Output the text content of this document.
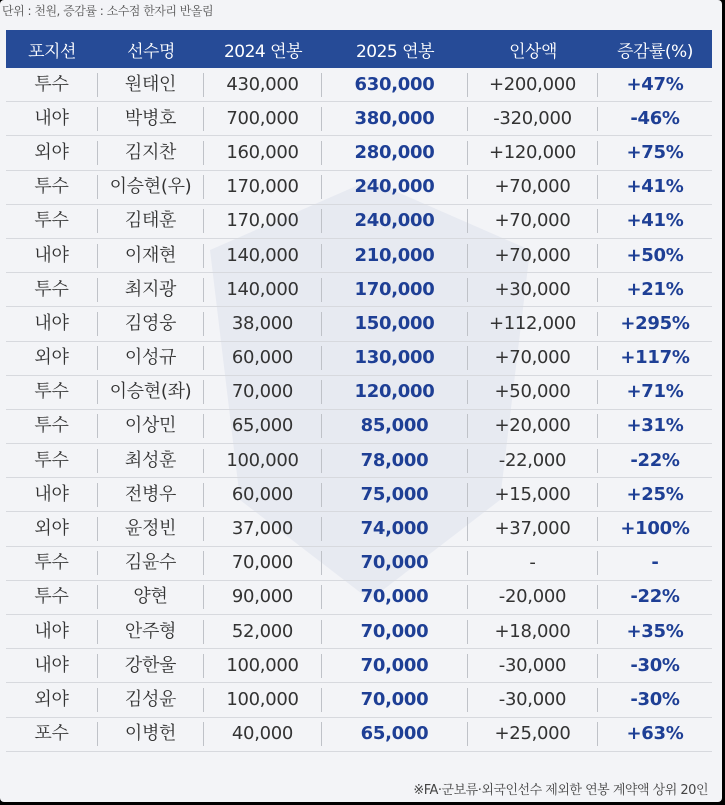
단위 : 천원, 증감률 : 소수점 한자리 반올림
포지션	선수명	2024 연봉	2025 연봉	인상액	증감률(%)
투수	원태인	430,000	630,000	+200,000	+47%
내야	박병호	700,000	380,000	-320,000	-46%
외야	김지찬	160,000	280,000	+120,000	+75%
투수	이승현(우)	170,000	240,000	+70,000	+41%
투수	김태훈	170,000	240,000	+70,000	+41%
내야	이재현	140,000	210,000	+70,000	+50%
투수	최지광	140,000	170,000	+30,000	+21%
내야	김영웅	38,000	150,000	+112,000	+295%
외야	이성규	60,000	130,000	+70,000	+117%
투수	이승현(좌)	70,000	120,000	+50,000	+71%
투수	이상민	65,000	85,000	+20,000	+31%
투수	최성훈	100,000	78,000	-22,000	-22%
내야	전병우	60,000	75,000	+15,000	+25%
외야	윤정빈	37,000	74,000	+37,000	+100%
투수	김윤수	70,000	70,000	-	-
투수	양현	90,000	70,000	-20,000	-22%
내야	안주형	52,000	70,000	+18,000	+35%
내야	강한울	100,000	70,000	-30,000	-30%
외야	김성윤	100,000	70,000	-30,000	-30%
포수	이병헌	40,000	65,000	+25,000	+63%
※FA·군보류·외국인선수 제외한 연봉 계약액 상위 20인
